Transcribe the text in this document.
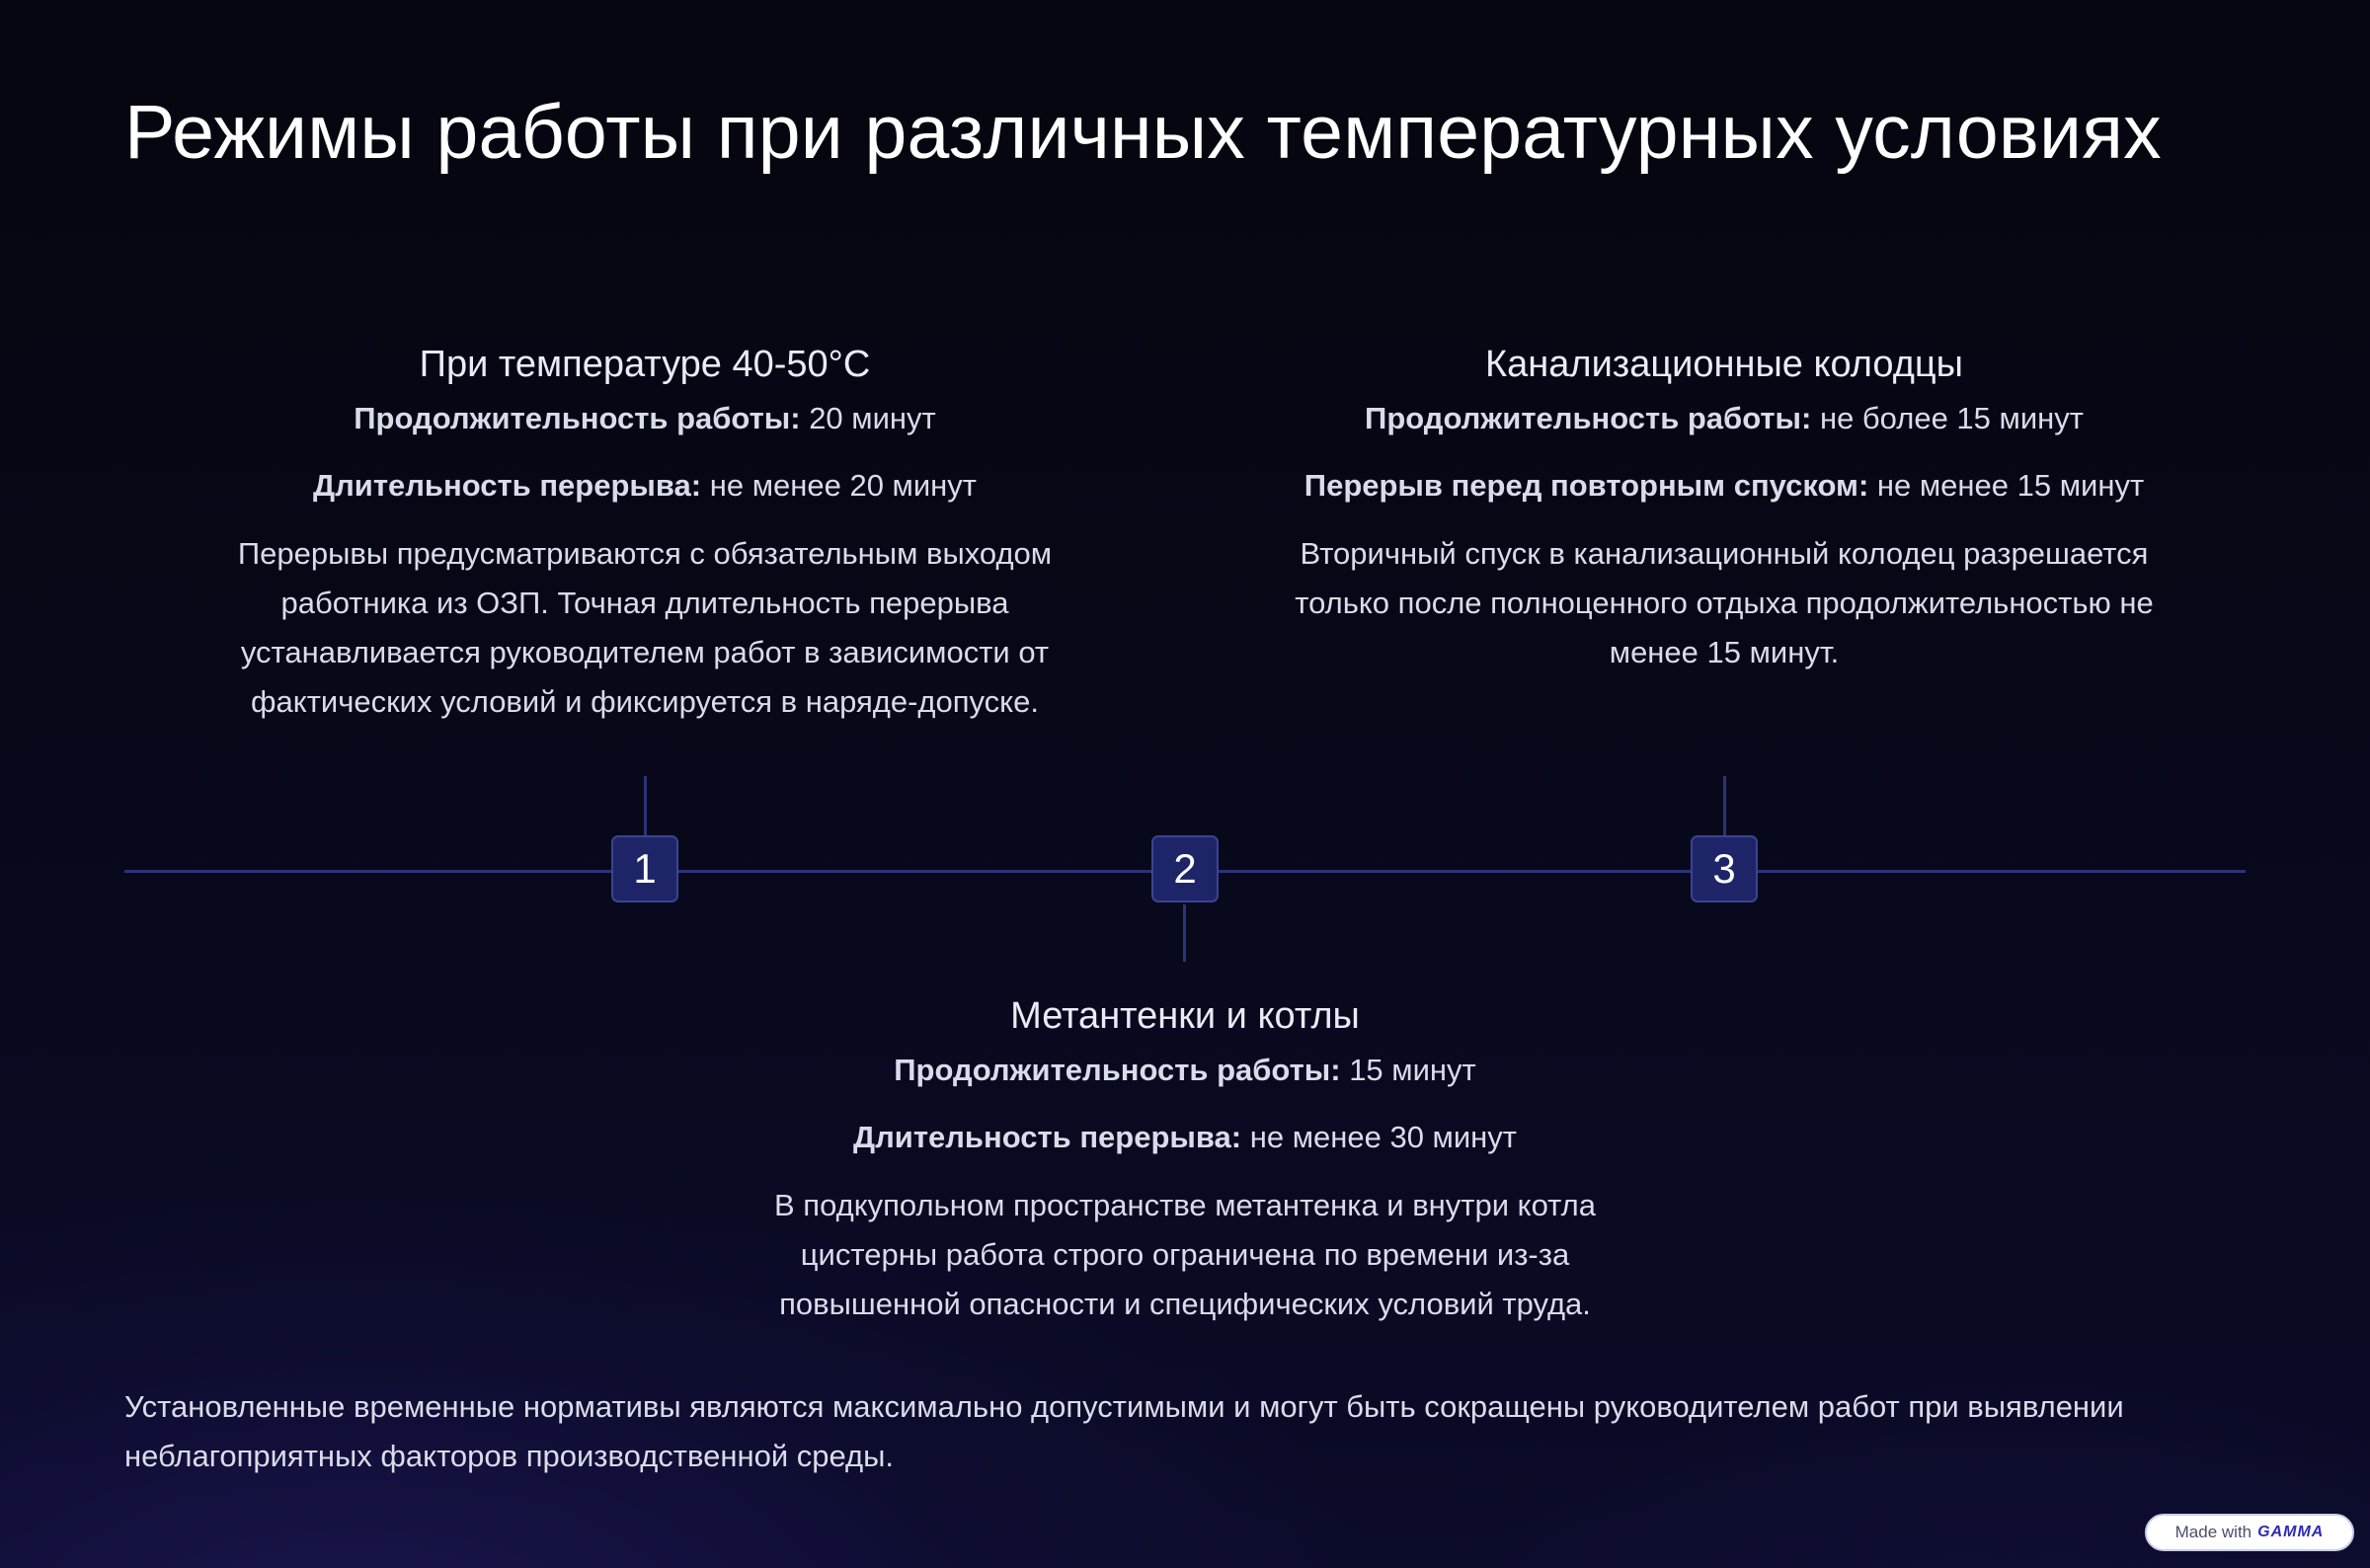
Режимы работы при различных температурных условиях
При температуре 40-50°C

Продолжительность работы: 20 минут

Длительность перерыва: не менее 20 минут

Перерывы предусматриваются с обязательным выходом работника из ОЗП. Точная длительность перерыва устанавливается руководителем работ в зависимости от фактических условий и фиксируется в наряде-допуске.

Канализационные колодцы

Продолжительность работы: не более 15 минут

Перерыв перед повторным спуском: не менее 15 минут

Вторичный спуск в канализационный колодец разрешается только после полноценного отдыха продолжительностью не менее 15 минут.

1	2	3
Метантенки и котлы

Продолжительность работы: 15 минут

Длительность перерыва: не менее 30 минут

В подкупольном пространстве метантенка и внутри котла цистерны работа строго ограничена по времени из-за повышенной опасности и специфических условий труда.

Установленные временные нормативы являются максимально допустимыми и могут быть сокращены руководителем работ при выявлении неблагоприятных факторов производственной среды.

Made with GAMMA
